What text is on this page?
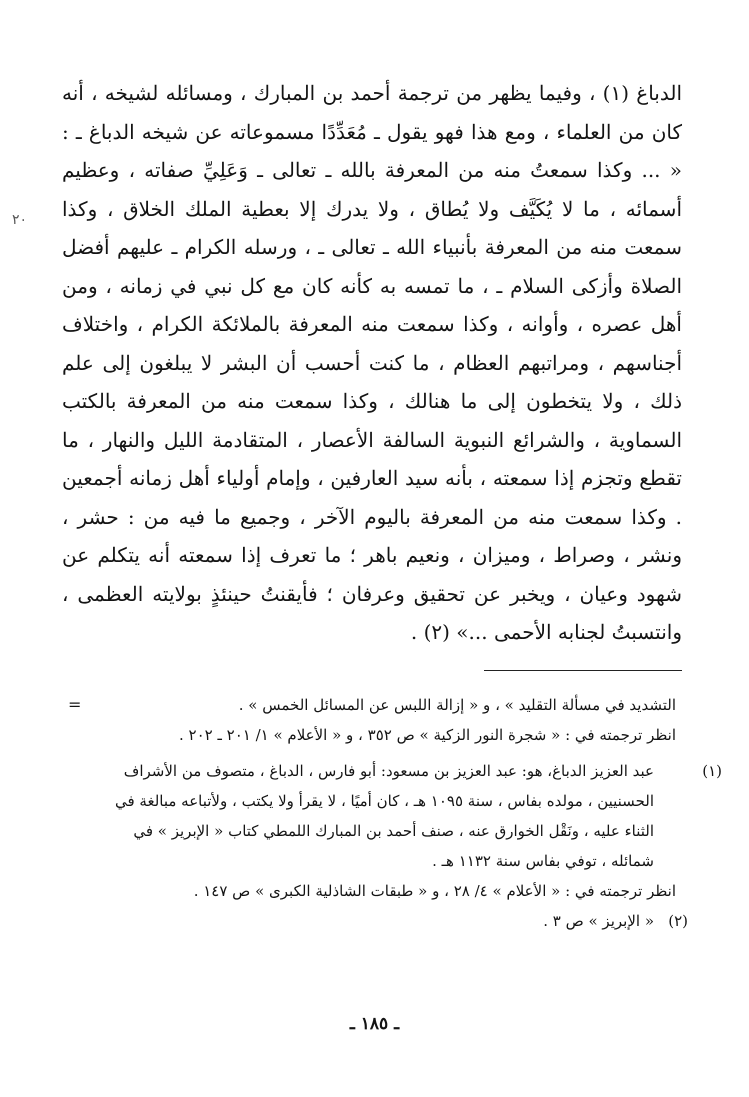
٢٠

الدباغ (١) ، وفيما يظهر من ترجمة أحمد بن المبارك ، ومسائله لشيخه ، أنه كان من العلماء ، ومع هذا فهو يقول ـ مُعَدِّدًا مسموعاته عن شيخه الدباغ ـ : « ... وكذا سمعتُ منه من المعرفة بالله ـ تعالى ـ وَعَلِيِّ صفاته ، وعظيم أسمائه ، ما لا يُكَيَّف ولا يُطاق ، ولا يدرك إلا بعطية الملك الخلاق ، وكذا سمعت منه من المعرفة بأنبياء الله ـ تعالى ـ ، ورسله الكرام ـ عليهم أفضل الصلاة وأزكى السلام ـ ، ما تمسه به كأنه كان مع كل نبي في زمانه ، ومن أهل عصره ، وأوانه ، وكذا سمعت منه المعرفة بالملائكة الكرام ، واختلاف أجناسهم ، ومراتبهم العظام ، ما كنت أحسب أن البشر لا يبلغون إلى علم ذلك ، ولا يتخطون إلى ما هنالك ، وكذا سمعت منه من المعرفة بالكتب السماوية ، والشرائع النبوية السالفة الأعصار ، المتقادمة الليل والنهار ، ما تقطع وتجزم إذا سمعته ، بأنه سيد العارفين ، وإمام أولياء أهل زمانه أجمعين . وكذا سمعت منه من المعرفة باليوم الآخر ، وجميع ما فيه من : حشر ، ونشر ، وصراط ، وميزان ، ونعيم باهر ؛ ما تعرف إذا سمعته أنه يتكلم عن شهود وعيان ، ويخبر عن تحقيق وعرفان ؛ فأيقنتُ حينئذٍ بولايته العظمى ، وانتسبتُ لجنابه الأحمى ...» (٢) .

=	التشديد في مسألة التقليد » ، و « إزالة اللبس عن المسائل الخمس » .
انظر ترجمته في : « شجرة النور الزكية » ص ٣٥٢ ، و « الأعلام » ١/ ٢٠١ ـ ٢٠٢ .
(١)عبد العزيز الدباغ، هو: عبد العزيز بن مسعود: أبو فارس ، الدباغ ، متصوف من الأشراف الحسنيين ، مولده بفاس ، سنة ١٠٩٥ هـ ، كان أميًا ، لا يقرأ ولا يكتب ، ولأتباعه مبالغة في الثناء عليه ، ونَقْل الخوارق عنه ، صنف أحمد بن المبارك اللمطي كتاب « الإبريز » في شمائله ، توفي بفاس سنة ١١٣٢ هـ .
انظر ترجمته في : « الأعلام » ٤/ ٢٨ ، و « طبقات الشاذلية الكبرى » ص ١٤٧ .
(٢)« الإبريز » ص ٣ .
ـ ١٨٥ ـ
